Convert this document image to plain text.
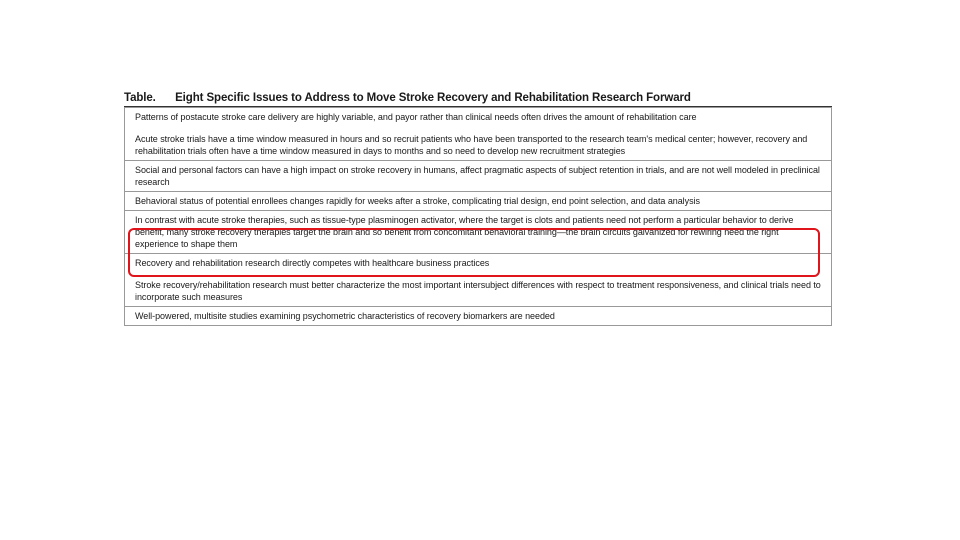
Table. Eight Specific Issues to Address to Move Stroke Recovery and Rehabilitation Research Forward
Patterns of postacute stroke care delivery are highly variable, and payor rather than clinical needs often drives the amount of rehabilitation care
Acute stroke trials have a time window measured in hours and so recruit patients who have been transported to the research team's medical center; however, recovery and rehabilitation trials often have a time window measured in days to months and so need to develop new recruitment strategies
Social and personal factors can have a high impact on stroke recovery in humans, affect pragmatic aspects of subject retention in trials, and are not well modeled in preclinical research
Behavioral status of potential enrollees changes rapidly for weeks after a stroke, complicating trial design, end point selection, and data analysis
In contrast with acute stroke therapies, such as tissue-type plasminogen activator, where the target is clots and patients need not perform a particular behavior to derive benefit, many stroke recovery therapies target the brain and so benefit from concomitant behavioral training—the brain circuits galvanized for rewiring need the right experience to shape them
Recovery and rehabilitation research directly competes with healthcare business practices
Stroke recovery/rehabilitation research must better characterize the most important intersubject differences with respect to treatment responsiveness, and clinical trials need to incorporate such measures
Well-powered, multisite studies examining psychometric characteristics of recovery biomarkers are needed
